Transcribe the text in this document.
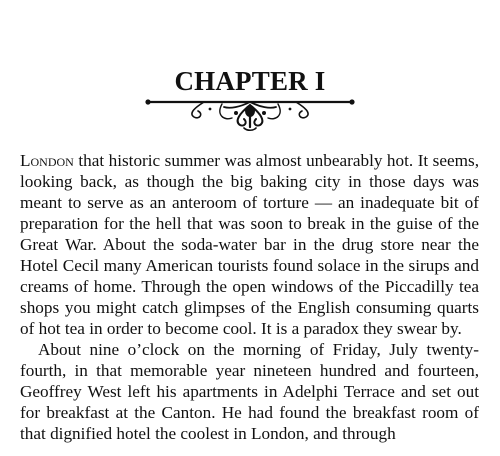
CHAPTER I

London that historic summer was almost unbearably hot. It seems, looking back, as though the big baking city in those days was meant to serve as an anteroom of torture — an inadequate bit of preparation for the hell that was soon to break in the guise of the Great War. About the soda-water bar in the drug store near the Hotel Cecil many American tourists found solace in the sirups and creams of home. Through the open windows of the Piccadilly tea shops you might catch glimpses of the English consuming quarts of hot tea in order to become cool. It is a paradox they swear by.

About nine o’clock on the morning of Friday, July twenty-fourth, in that memorable year nineteen hundred and fourteen, Geoffrey West left his apartments in Adelphi Terrace and set out for breakfast at the Canton. He had found the breakfast room of that dignified hotel the coolest in London, and through
